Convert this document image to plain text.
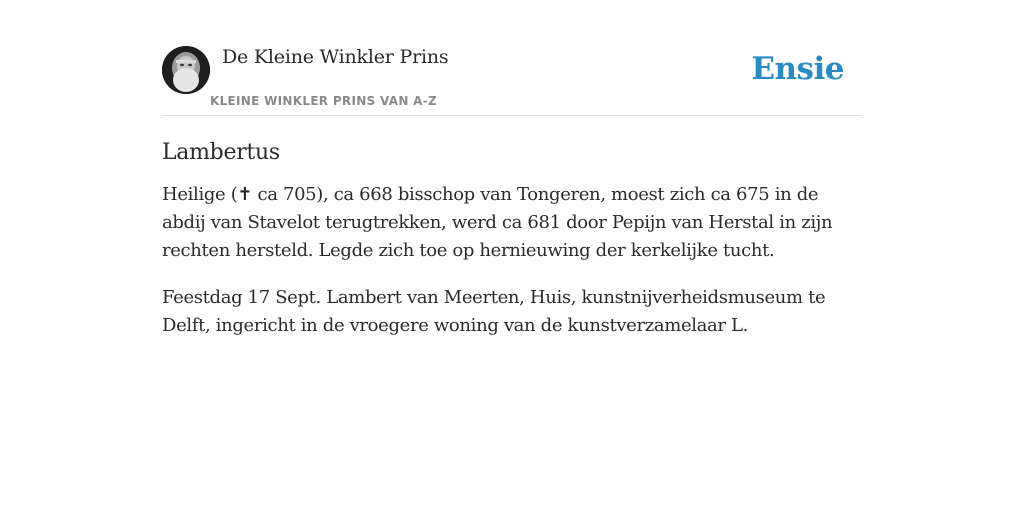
De Kleine Winkler Prins
KLEINE WINKLER PRINS VAN A-Z
Ensie
Lambertus

Heilige (✝ ca 705), ca 668 bisschop van Tongeren, moest zich ca 675 in de abdij van Stavelot terugtrekken, werd ca 681 door Pepijn van Herstal in zijn rechten hersteld. Legde zich toe op hernieuwing der kerkelijke tucht.

Feestdag 17 Sept. Lambert van Meerten, Huis, kunstnijverheidsmuseum te Delft, ingericht in de vroegere woning van de kunstverzamelaar L.
